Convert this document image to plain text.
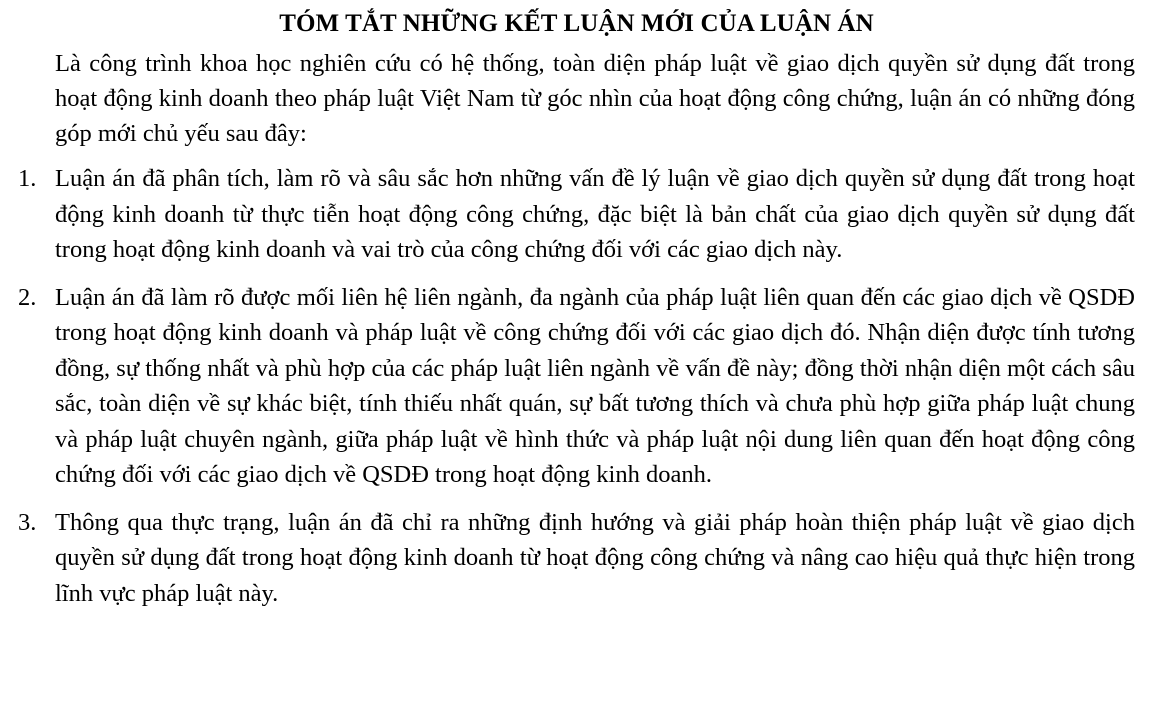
TÓM TẮT NHỮNG KẾT LUẬN MỚI CỦA LUẬN ÁN

Là công trình khoa học nghiên cứu có hệ thống, toàn diện pháp luật về giao dịch quyền sử dụng đất trong hoạt động kinh doanh theo pháp luật Việt Nam từ góc nhìn của hoạt động công chứng, luận án có những đóng góp mới chủ yếu sau đây:

1. Luận án đã phân tích, làm rõ và sâu sắc hơn những vấn đề lý luận về giao dịch quyền sử dụng đất trong hoạt động kinh doanh từ thực tiễn hoạt động công chứng, đặc biệt là bản chất của giao dịch quyền sử dụng đất trong hoạt động kinh doanh và vai trò của công chứng đối với các giao dịch này.
2. Luận án đã làm rõ được mối liên hệ liên ngành, đa ngành của pháp luật liên quan đến các giao dịch về QSDĐ trong hoạt động kinh doanh và pháp luật về công chứng đối với các giao dịch đó. Nhận diện được tính tương đồng, sự thống nhất và phù hợp của các pháp luật liên ngành về vấn đề này; đồng thời nhận diện một cách sâu sắc, toàn diện về sự khác biệt, tính thiếu nhất quán, sự bất tương thích và chưa phù hợp giữa pháp luật chung và pháp luật chuyên ngành, giữa pháp luật về hình thức và pháp luật nội dung liên quan đến hoạt động công chứng đối với các giao dịch về QSDĐ trong hoạt động kinh doanh.
3. Thông qua thực trạng, luận án đã chỉ ra những định hướng và giải pháp hoàn thiện pháp luật về giao dịch quyền sử dụng đất trong hoạt động kinh doanh từ hoạt động công chứng và nâng cao hiệu quả thực hiện trong lĩnh vực pháp luật này.
